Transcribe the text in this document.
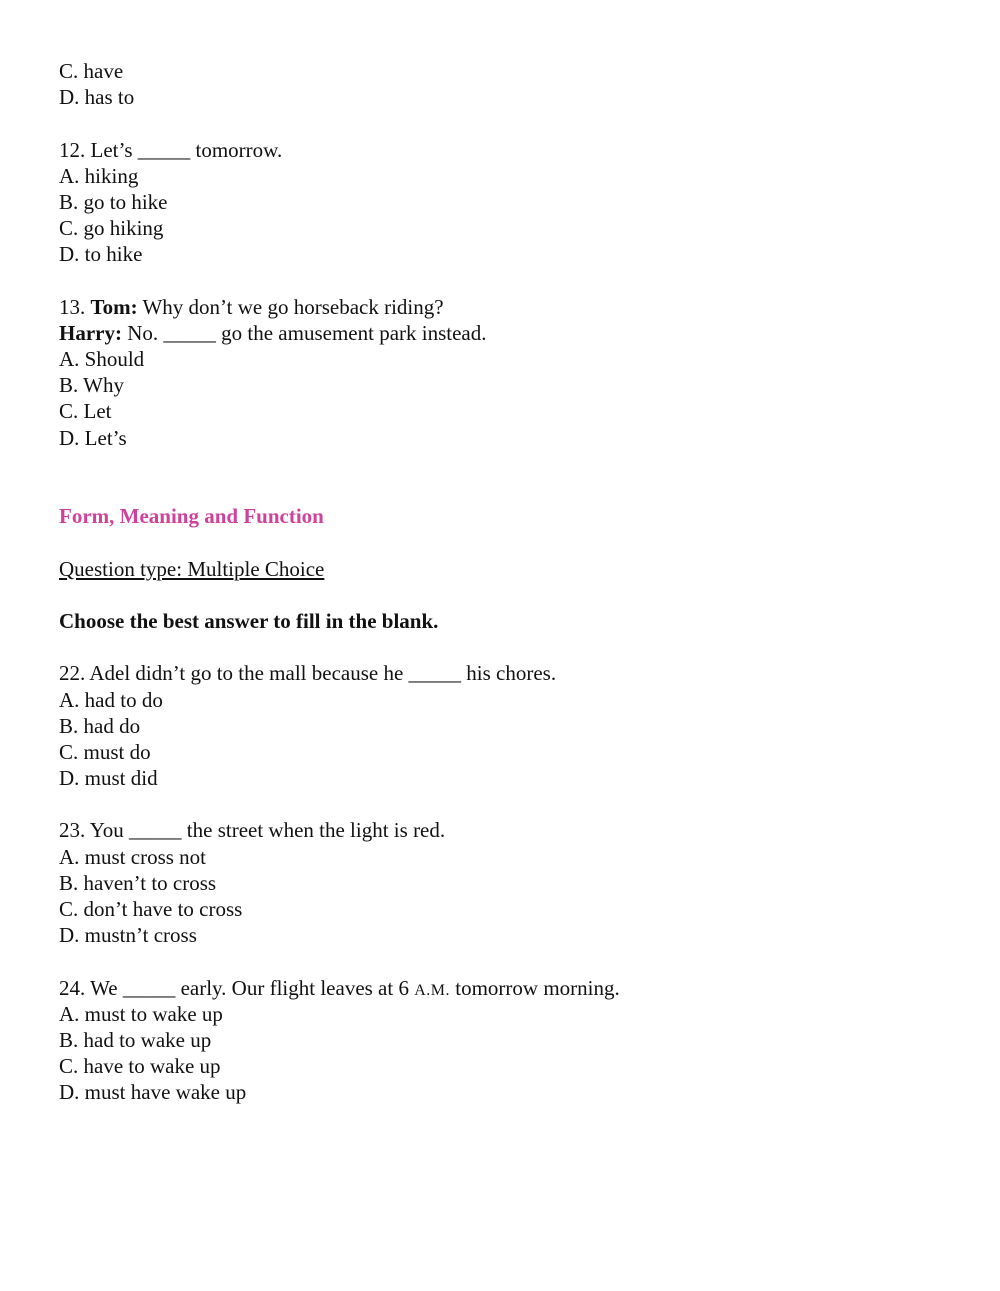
C. have
D. has to
12. Let’s _____ tomorrow.
A. hiking
B. go to hike
C. go hiking
D. to hike
13. Tom: Why don’t we go horseback riding?
Harry: No. _____ go the amusement park instead.
A. Should
B. Why
C. Let
D. Let’s
Form, Meaning and Function
Question type: Multiple Choice
Choose the best answer to fill in the blank.
22. Adel didn’t go to the mall because he _____ his chores.
A. had to do
B. had do
C. must do
D. must did
23. You _____ the street when the light is red.
A. must cross not
B. haven’t to cross
C. don’t have to cross
D. mustn’t cross
24. We _____ early. Our flight leaves at 6 A.M. tomorrow morning.
A. must to wake up
B. had to wake up
C. have to wake up
D. must have wake up
